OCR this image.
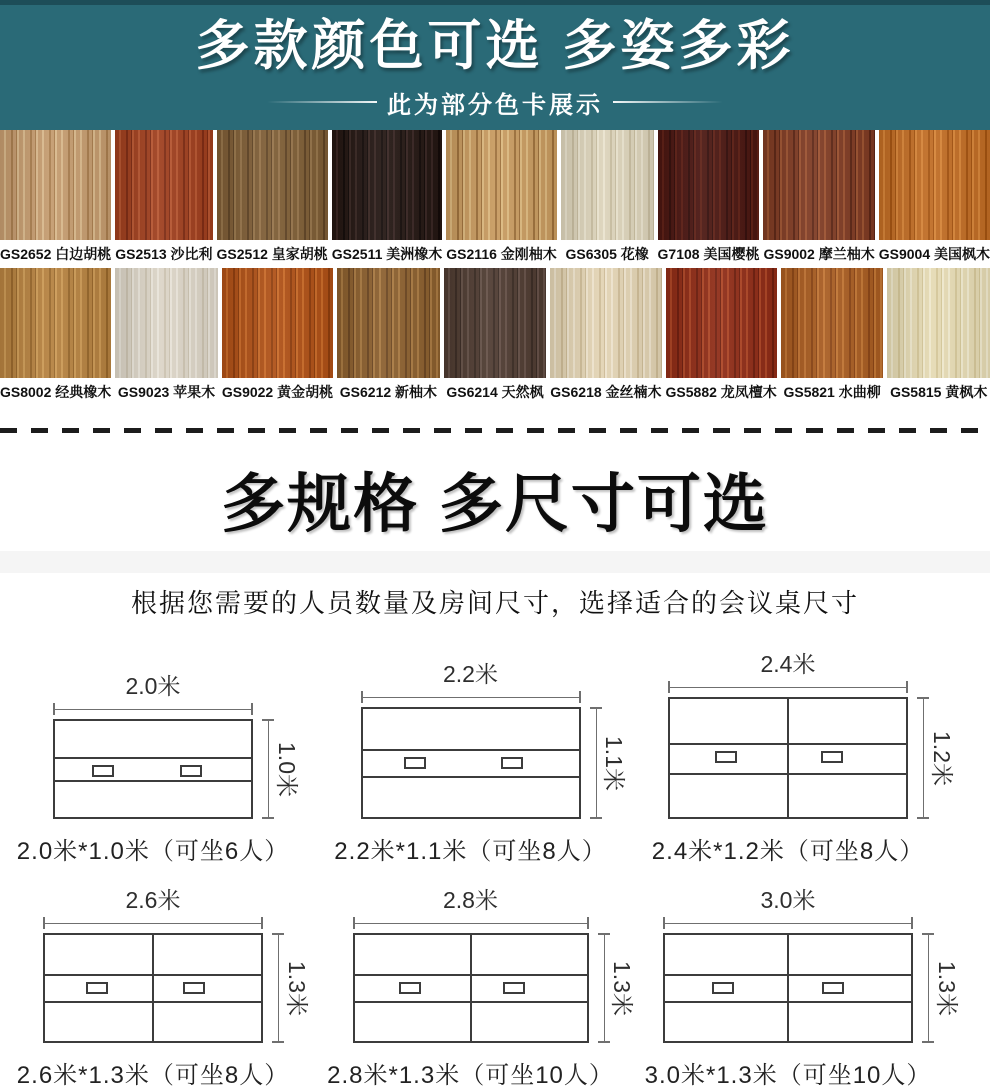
多款颜色可选 多姿多彩
此为部分色卡展示
GS2652 白边胡桃 GS2513 沙比利 GS2512 皇家胡桃 GS2511 美洲橡木 GS2116 金刚柚木 GS6305 花橡 G7108 美国樱桃 GS9002 摩兰柚木 GS9004 美国枫木
GS8002 经典橡木 GS9023 苹果木 GS9022 黄金胡桃 GS6212 新柚木 GS6214 天然枫 GS6218 金丝楠木 GS5882 龙凤檀木 GS5821 水曲柳 GS5815 黄枫木
多规格 多尺寸可选
根据您需要的人员数量及房间尺寸，选择适合的会议桌尺寸
2.0米
1.0米
2.0米*1.0米（可坐6人）
2.2米
1.1米
2.2米*1.1米（可坐8人）
2.4米
1.2米
2.4米*1.2米（可坐8人）
2.6米
1.3米
2.6米*1.3米（可坐8人）
2.8米
1.3米
2.8米*1.3米（可坐10人）
3.0米
1.3米
3.0米*1.3米（可坐10人）
